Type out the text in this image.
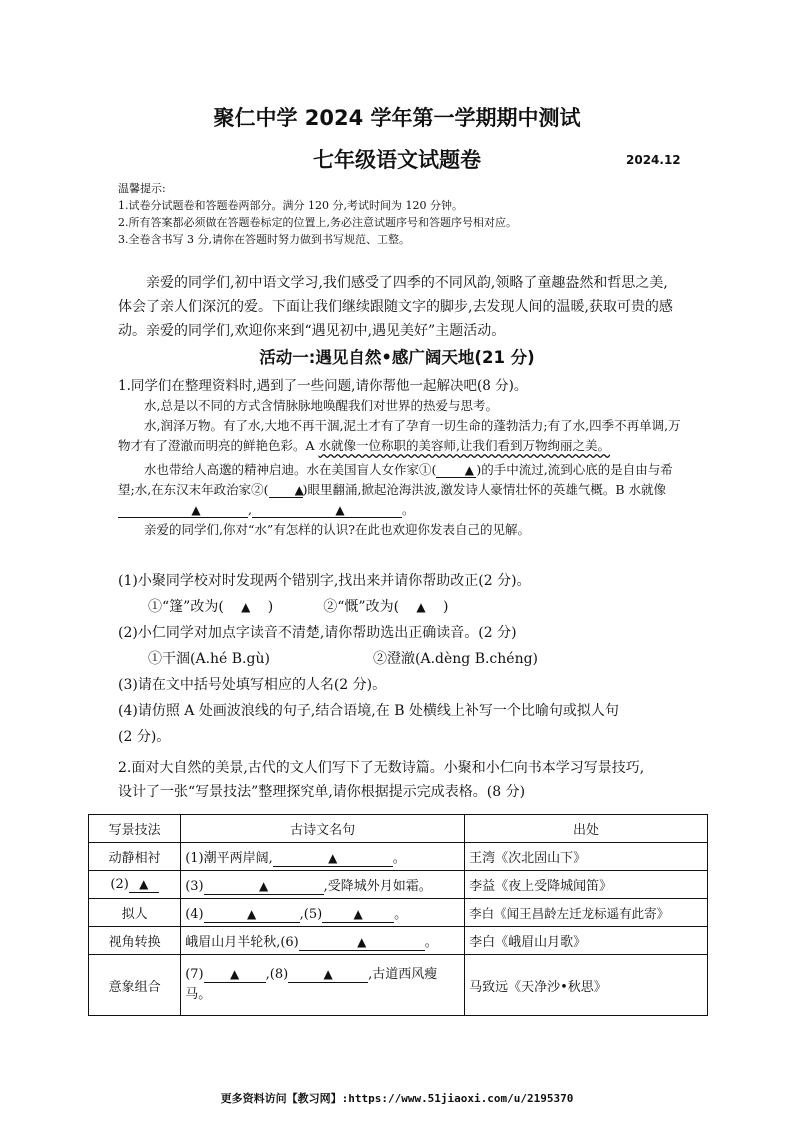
聚仁中学 2024 学年第一学期期中测试
七年级语文试题卷	2024.12
温馨提示:
1.试卷分试题卷和答题卷两部分。满分 120 分,考试时间为 120 分钟。
2.所有答案都必须做在答题卷标定的位置上,务必注意试题序号和答题序号相对应。
3.全卷含书写 3 分,请你在答题时努力做到书写规范、工整。
亲爱的同学们,初中语文学习,我们感受了四季的不同风韵,领略了童趣盎然和哲思之美,体会了亲人们深沉的爱。下面让我们继续跟随文字的脚步,去发现人间的温暖,获取可贵的感动。亲爱的同学们,欢迎你来到“遇见初中,遇见美好”主题活动。
活动一:遇见自然•感广阔天地(21 分)
1.同学们在整理资料时,遇到了一些问题,请你帮他一起解决吧(8 分)。
水,总是以不同的方式含情脉脉地唤醒我们对世界的热爱与思考。
水,润泽万物。有了水,大地不再干涸,泥土才有了孕育一切生命的蓬勃活力;有了水,四季不再单调,万物才有了澄澈而明亮的鲜艳色彩。A 水就像一位称职的美容师,让我们看到万物绚丽之美。
水也带给人高邈的精神启迪。水在美国盲人女作家①( ▲ )的手中流过,流到心底的是自由与希望;水,在东汉末年政治家②( ▲)眼里翻涌,掀起沧海洪波,激发诗人豪情壮怀的英雄气概。B 水就像▲	,	▲	。
亲爱的同学们,你对“水”有怎样的认识?在此也欢迎你发表自己的见解。
(1)小聚同学校对时发现两个错别字,找出来并请你帮助改正(2 分)。
①“篷”改为( ▲ )	②“慨”改为( ▲ )
(2)小仁同学对加点字读音不清楚,请你帮助选出正确读音。(2 分)
①干涸(A.hé B.gù)	②澄澈(A.dèng B.chéng)
(3)请在文中括号处填写相应的人名(2 分)。
(4)请仿照 A 处画波浪线的句子,结合语境,在 B 处横线上补写一个比喻句或拟人句
(2 分)。
2.面对大自然的美景,古代的文人们写下了无数诗篇。小聚和小仁向书本学习写景技巧,
设计了一张“写景技法”整理探究单,请你根据提示完成表格。(8 分)
写景技法	古诗文名句	出处
动静相衬	(1)潮平两岸阔, ▲ 。	王湾《次北固山下》
(2) ▲	(3) ▲ ,受降城外月如霜。	李益《夜上受降城闻笛》
拟人	(4) ▲ ,(5) ▲ 。	李白《闻王昌龄左迁龙标遥有此寄》
视角转换	峨眉山月半轮秋,(6) ▲ 。	李白《峨眉山月歌》
意象组合	(7) ▲ ,(8) ▲ ,古道西风瘦马。	马致远《天净沙•秋思》
更多资料访问【教习网】:https://www.51jiaoxi.com/u/2195370
